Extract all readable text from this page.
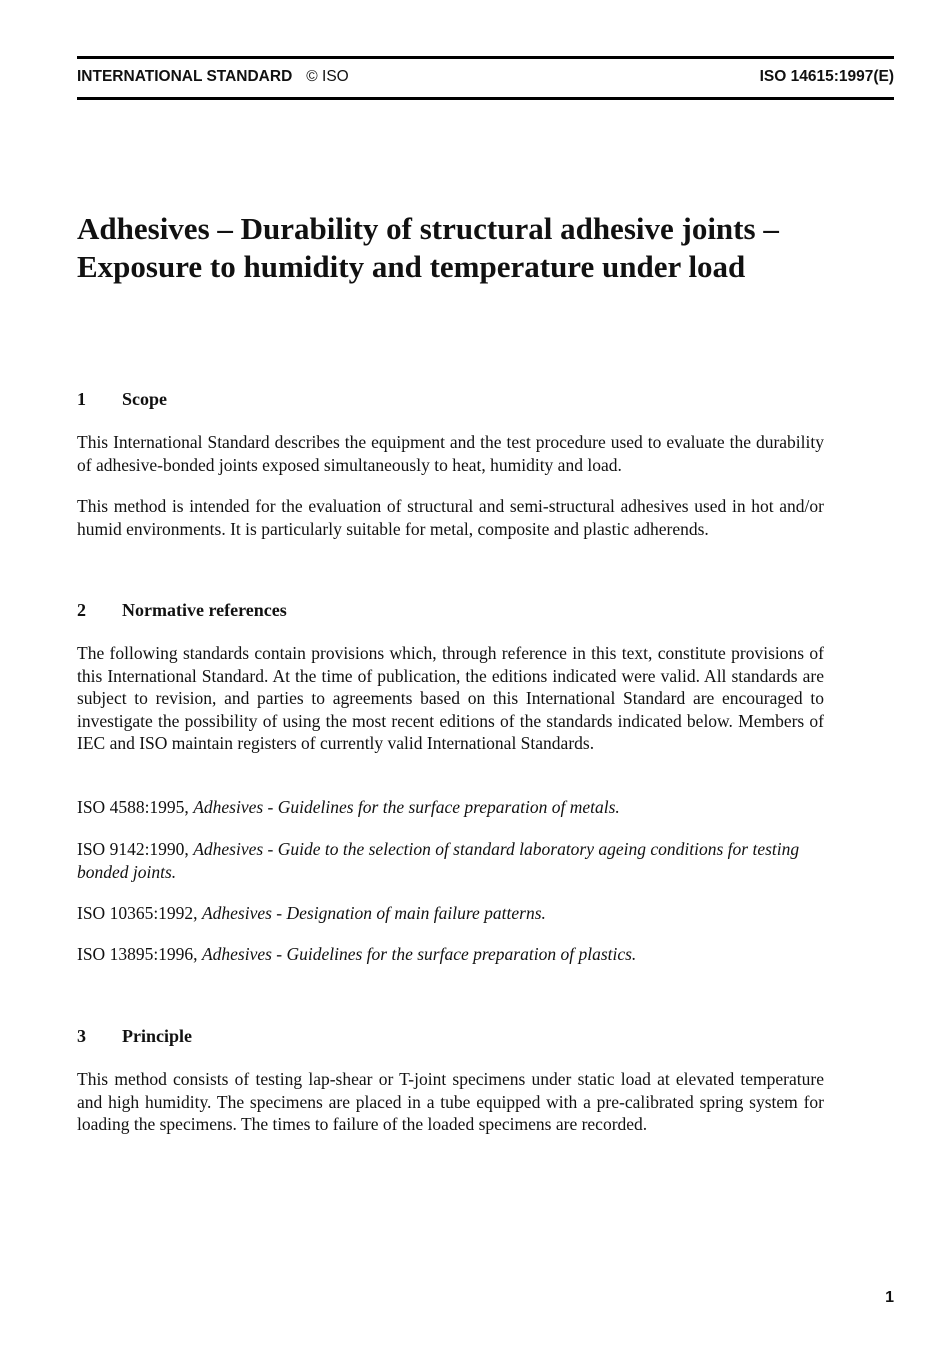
INTERNATIONAL STANDARD © ISO	ISO 14615:1997(E)
Adhesives – Durability of structural adhesive joints –
Exposure to humidity and temperature under load
1 Scope

This International Standard describes the equipment and the test procedure used to evaluate the durability of adhesive-bonded joints exposed simultaneously to heat, humidity and load.

This method is intended for the evaluation of structural and semi-structural adhesives used in hot and/or humid environments. It is particularly suitable for metal, composite and plastic adherends.

2 Normative references

The following standards contain provisions which, through reference in this text, constitute provisions of this International Standard. At the time of publication, the editions indicated were valid. All standards are subject to revision, and parties to agreements based on this International Standard are encouraged to investigate the possibility of using the most recent editions of the standards indicated below. Members of IEC and ISO maintain registers of currently valid International Standards.

ISO 4588:1995, Adhesives - Guidelines for the surface preparation of metals.

ISO 9142:1990, Adhesives - Guide to the selection of standard laboratory ageing conditions for testing bonded joints.

ISO 10365:1992, Adhesives - Designation of main failure patterns.

ISO 13895:1996, Adhesives - Guidelines for the surface preparation of plastics.

3 Principle

This method consists of testing lap-shear or T-joint specimens under static load at elevated temperature and high humidity. The specimens are placed in a tube equipped with a pre-calibrated spring system for loading the specimens. The times to failure of the loaded specimens are recorded.

1
